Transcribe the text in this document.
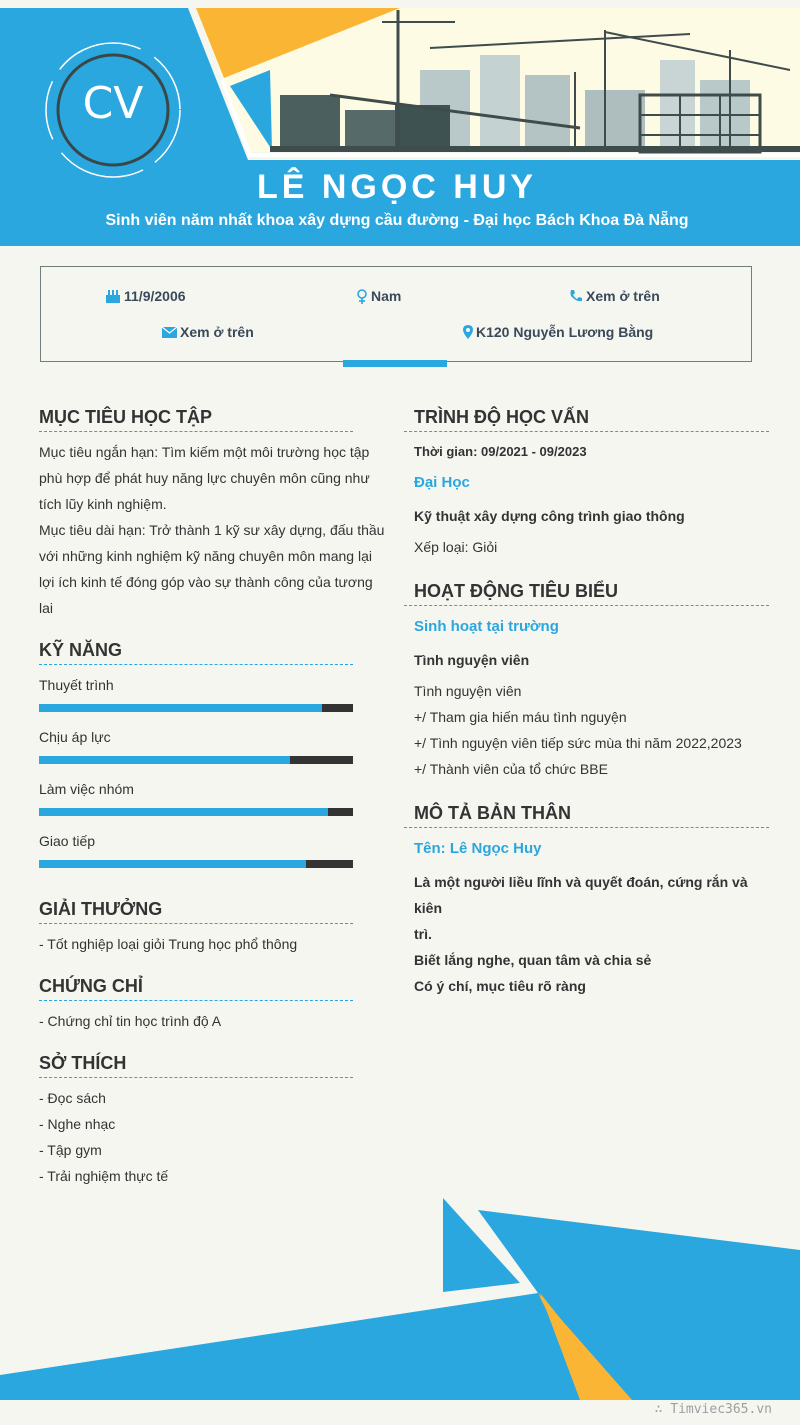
CV
LÊ NGỌC HUY
Sinh viên năm nhất khoa xây dựng cầu đường - Đại học Bách Khoa Đà Nẵng
11/9/2006	Nam	Xem ở trên
Xem ở trên	K120 Nguyễn Lương Bằng
MỤC TIÊU HỌC TẬP
Mục tiêu ngắn hạn: Tìm kiếm một môi trường học tập
phù hợp để phát huy năng lực chuyên môn cũng như
tích lũy kinh nghiệm.
Mục tiêu dài hạn: Trở thành 1 kỹ sư xây dựng, đấu thầu
với những kinh nghiệm kỹ năng chuyên môn mang lại
lợi ích kinh tế đóng góp vào sự thành công của tương
lai
KỸ NĂNG
Thuyết trình
Chịu áp lực
Làm việc nhóm
Giao tiếp
GIẢI THƯỞNG
- Tốt nghiệp loại giỏi Trung học phổ thông
CHỨNG CHỈ
- Chứng chỉ tin học trình độ A
SỞ THÍCH
- Đọc sách
- Nghe nhạc
- Tập gym
- Trải nghiệm thực tế
TRÌNH ĐỘ HỌC VẤN
Thời gian: 09/2021 - 09/2023
Đại Học
Kỹ thuật xây dựng công trình giao thông
Xếp loại: Giỏi
HOẠT ĐỘNG TIÊU BIỂU
Sinh hoạt tại trường
Tình nguyện viên
Tình nguyện viên
+/ Tham gia hiến máu tình nguyện
+/ Tình nguyện viên tiếp sức mùa thi năm 2022,2023
+/ Thành viên của tổ chức BBE
MÔ TẢ BẢN THÂN
Tên: Lê Ngọc Huy
Là một người liều lĩnh và quyết đoán, cứng rắn và kiên
trì.
Biết lắng nghe, quan tâm và chia sẻ
Có ý chí, mục tiêu rõ ràng
∴ Timviec365.vn
